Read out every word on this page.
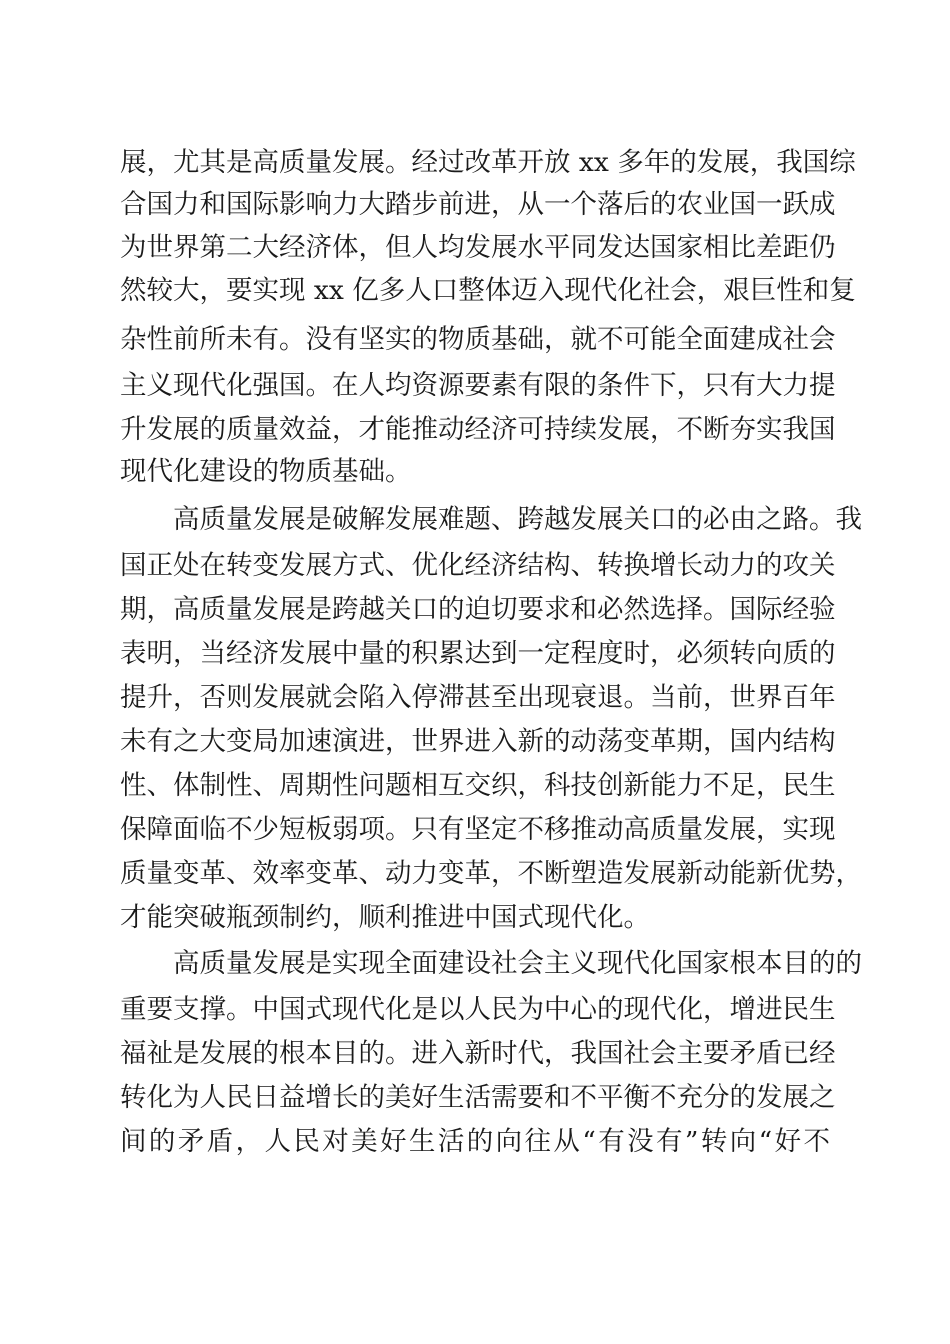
展，尤其是高质量发展。经过改革开放 xx 多年的发展，我国综
合国力和国际影响力大踏步前进，从一个落后的农业国一跃成
为世界第二大经济体，但人均发展水平同发达国家相比差距仍
然较大，要实现 xx 亿多人口整体迈入现代化社会，艰巨性和复
杂性前所未有。没有坚实的物质基础，就不可能全面建成社会
主义现代化强国。在人均资源要素有限的条件下，只有大力提
升发展的质量效益，才能推动经济可持续发展，不断夯实我国
现代化建设的物质基础。
　　高质量发展是破解发展难题、跨越发展关口的必由之路。我
国正处在转变发展方式、优化经济结构、转换增长动力的攻关
期，高质量发展是跨越关口的迫切要求和必然选择。国际经验
表明，当经济发展中量的积累达到一定程度时，必须转向质的
提升，否则发展就会陷入停滞甚至出现衰退。当前，世界百年
未有之大变局加速演进，世界进入新的动荡变革期，国内结构
性、体制性、周期性问题相互交织，科技创新能力不足，民生
保障面临不少短板弱项。只有坚定不移推动高质量发展，实现
质量变革、效率变革、动力变革，不断塑造发展新动能新优势，
才能突破瓶颈制约，顺利推进中国式现代化。
　　高质量发展是实现全面建设社会主义现代化国家根本目的的
重要支撑。中国式现代化是以人民为中心的现代化，增进民生
福祉是发展的根本目的。进入新时代，我国社会主要矛盾已经
转化为人民日益增长的美好生活需要和不平衡不充分的发展之
间的矛盾，人民对美好生活的向往从“有没有”转向“好不
